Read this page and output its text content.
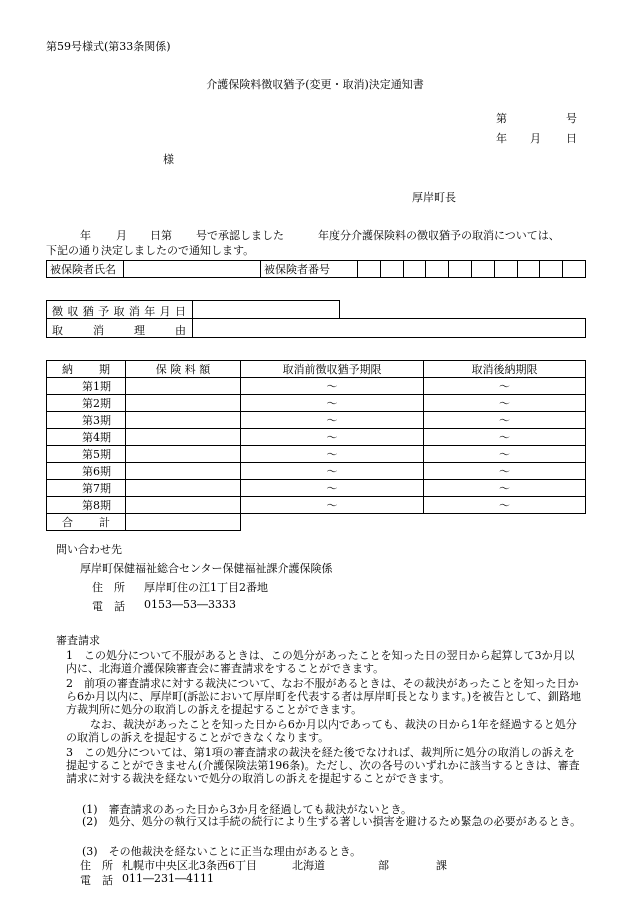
第59号様式(第33条関係)
介護保険料徴収猶予(変更・取消)決定通知書
第	号
年 月 日
様
厚岸町長
年 月 日第 号で承認しました	年度分介護保険料の徴収猶予の取消については、
下記の通り決定しましたので通知します。
被保険者氏名		被保険者番号										
徴 収 猶 予 取 消 年 月 日
取	消	理	由
納 期	保 険 料 額	取消前徴収猶予期限	取消後納期限
第1期		～	～
第2期		～	～
第3期		～	～
第4期		～	～
第5期		～	～
第6期		～	～
第7期		～	～
第8期		～	～

合 計			

問い合わせ先
厚岸町保健福祉総合センター保健福祉課介護保険係
住　所 厚岸町住の江1丁目2番地
電　話 0153―53―3333
審査請求
1　この処分について不服があるときは、この処分があったことを知った日の翌日から起算して3か月以内に、北海道介護保険審査会に審査請求をすることができます。
2　前項の審査請求に対する裁決について、なお不服があるときは、その裁決があったことを知った日から6か月以内に、厚岸町(訴訟において厚岸町を代表する者は厚岸町長となります。)を被告として、釧路地方裁判所に処分の取消しの訴えを提起することができます。
なお、裁決があったことを知った日から6か月以内であっても、裁決の日から1年を経過すると処分の取消しの訴えを提起することができなくなります。
3　この処分については、第1項の審査請求の裁決を経た後でなければ、裁判所に処分の取消しの訴えを提起することができません(介護保険法第196条)。ただし、次の各号のいずれかに該当するときは、審査請求に対する裁決を経ないで処分の取消しの訴えを提起することができます。
(1)　審査請求のあった日から3か月を経過しても裁決がないとき。
(2)　処分、処分の執行又は手続の続行により生ずる著しい損害を避けるため緊急の必要があるとき。
(3)　その他裁決を経ないことに正当な理由があるとき。
住　所 札幌市中央区北3条西6丁目	北海道	部	課
電　話 011―231―4111
